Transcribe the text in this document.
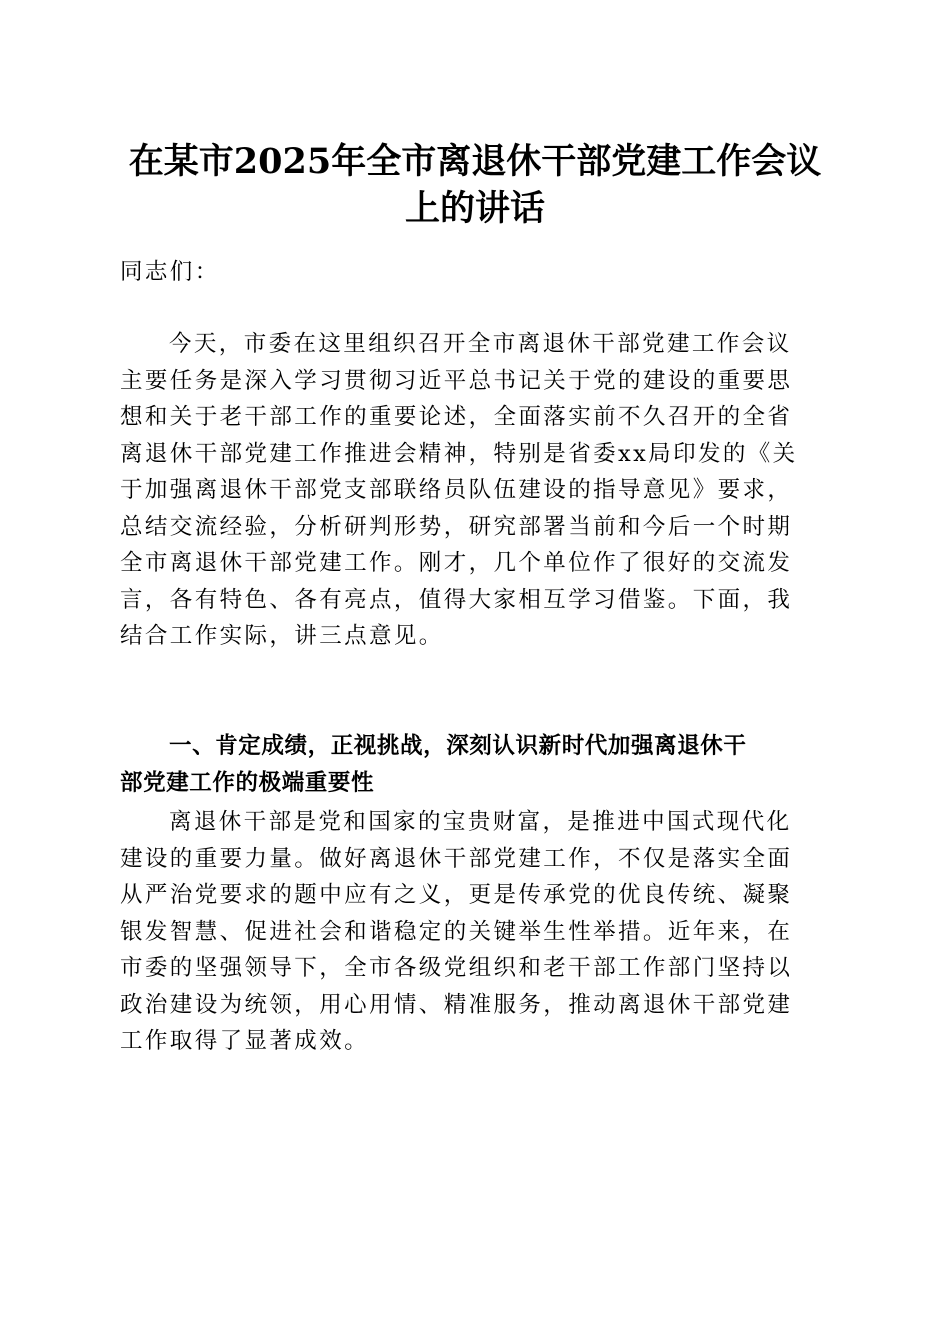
在某市2025年全市离退休干部党建工作会议
上的讲话
同志们：
今天，市委在这里组织召开全市离退休干部党建工作会议
主要任务是深入学习贯彻习近平总书记关于党的建设的重要思
想和关于老干部工作的重要论述，全面落实前不久召开的全省
离退休干部党建工作推进会精神，特别是省委xx局印发的《关
于加强离退休干部党支部联络员队伍建设的指导意见》要求，
总结交流经验，分析研判形势，研究部署当前和今后一个时期
全市离退休干部党建工作。刚才，几个单位作了很好的交流发
言，各有特色、各有亮点，值得大家相互学习借鉴。下面，我
结合工作实际，讲三点意见。
一、肯定成绩，正视挑战，深刻认识新时代加强离退休干
部党建工作的极端重要性
离退休干部是党和国家的宝贵财富，是推进中国式现代化
建设的重要力量。做好离退休干部党建工作，不仅是落实全面
从严治党要求的题中应有之义，更是传承党的优良传统、凝聚
银发智慧、促进社会和谐稳定的关键举生性举措。近年来，在
市委的坚强领导下，全市各级党组织和老干部工作部门坚持以
政治建设为统领，用心用情、精准服务，推动离退休干部党建
工作取得了显著成效。
